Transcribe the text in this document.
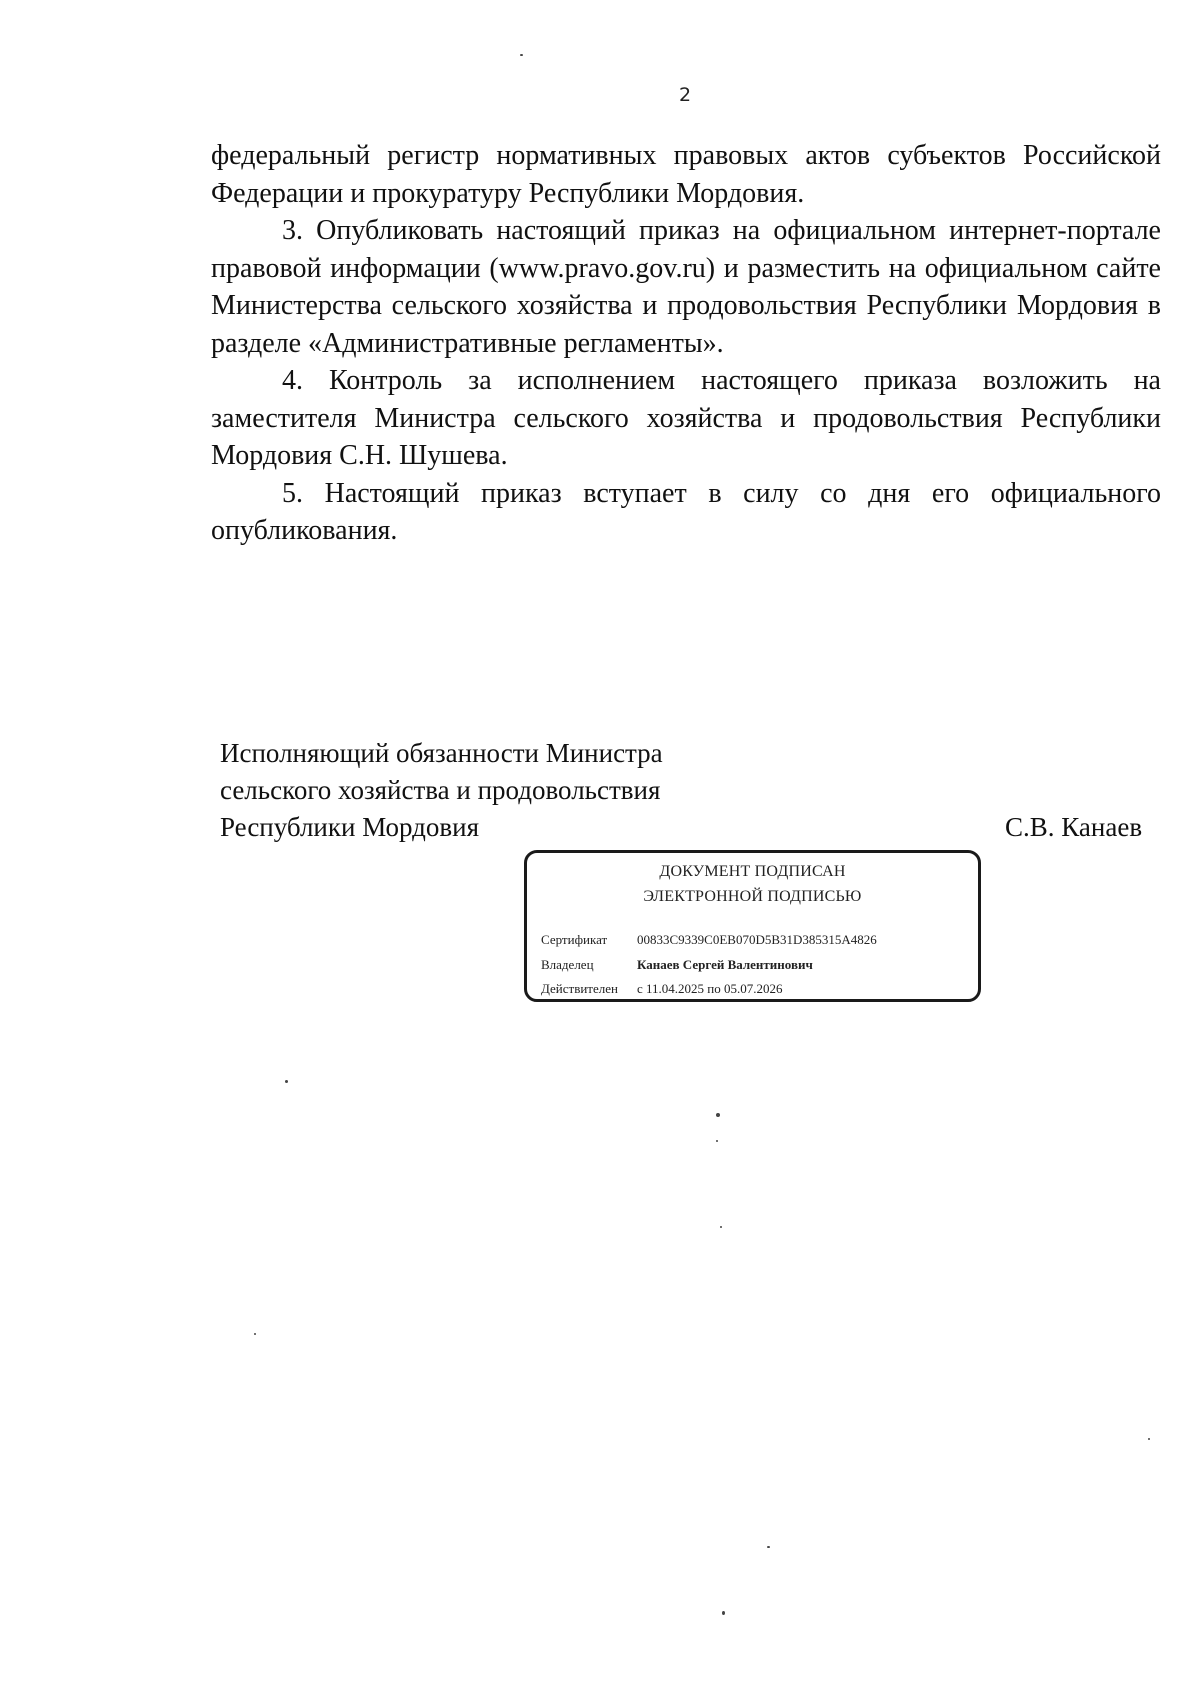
2

федеральный регистр нормативных правовых актов субъектов Российской Федерации и прокуратуру Республики Мордовия.

3. Опубликовать настоящий приказ на официальном интернет-портале правовой информации (www.pravo.gov.ru) и разместить на официальном сайте Министерства сельского хозяйства и продовольствия Республики Мордовия в разделе «Административные регламенты».

4. Контроль за исполнением настоящего приказа возложить на заместителя Министра сельского хозяйства и продовольствия Республики Мордовия С.Н. Шушева.

5. Настоящий приказ вступает в силу со дня его официального опубликования.

Исполняющий обязанности Министра
сельского хозяйства и продовольствия
Республики Мордовия	С.В. Канаев
ДОКУМЕНТ ПОДПИСАН
ЭЛЕКТРОННОЙ ПОДПИСЬЮ
Сертификат 00833C9339C0EB070D5B31D385315A4826
Владелец	Канаев Сергей Валентинович
Действителен с 11.04.2025 по 05.07.2026
